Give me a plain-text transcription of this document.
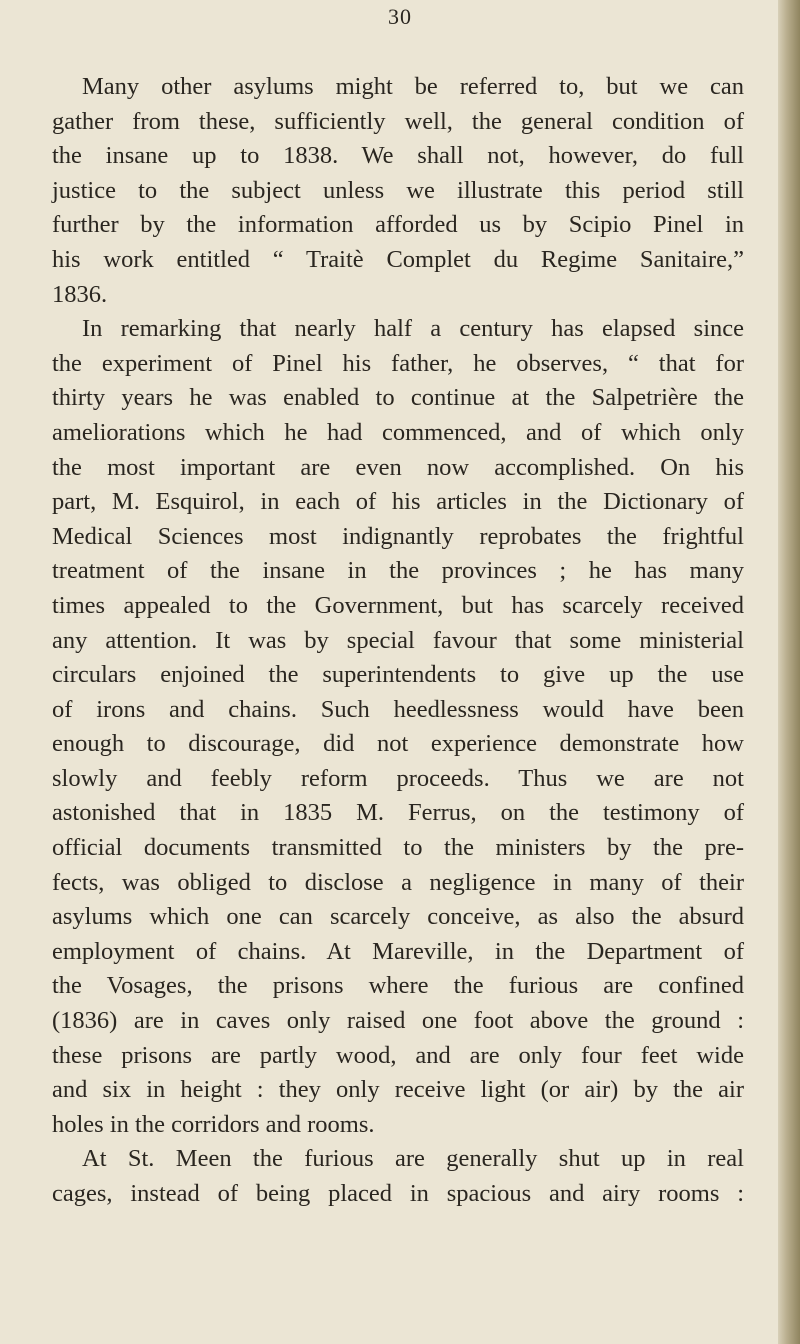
30
Many other asylums might be referred to, but we can
gather from these, sufficiently well, the general condition of
the insane up to 1838. We shall not, however, do full
justice to the subject unless we illustrate this period still
further by the information afforded us by Scipio Pinel in
his work entitled “ Traitè Complet du Regime Sanitaire,”
1836.
In remarking that nearly half a century has elapsed since
the experiment of Pinel his father, he observes, “ that for
thirty years he was enabled to continue at the Salpetrière the
ameliorations which he had commenced, and of which only
the most important are even now accomplished. On his
part, M. Esquirol, in each of his articles in the Dictionary of
Medical Sciences most indignantly reprobates the frightful
treatment of the insane in the provinces ; he has many
times appealed to the Government, but has scarcely received
any attention. It was by special favour that some ministerial
circulars enjoined the superintendents to give up the use
of irons and chains. Such heedlessness would have been
enough to discourage, did not experience demonstrate how
slowly and feebly reform proceeds. Thus we are not
astonished that in 1835 M. Ferrus, on the testimony of
official documents transmitted to the ministers by the pre-
fects, was obliged to disclose a negligence in many of their
asylums which one can scarcely conceive, as also the absurd
employment of chains. At Mareville, in the Department of
the Vosages, the prisons where the furious are confined
(1836) are in caves only raised one foot above the ground :
these prisons are partly wood, and are only four feet wide
and six in height : they only receive light (or air) by the air
holes in the corridors and rooms.
At St. Meen the furious are generally shut up in real
cages, instead of being placed in spacious and airy rooms :
